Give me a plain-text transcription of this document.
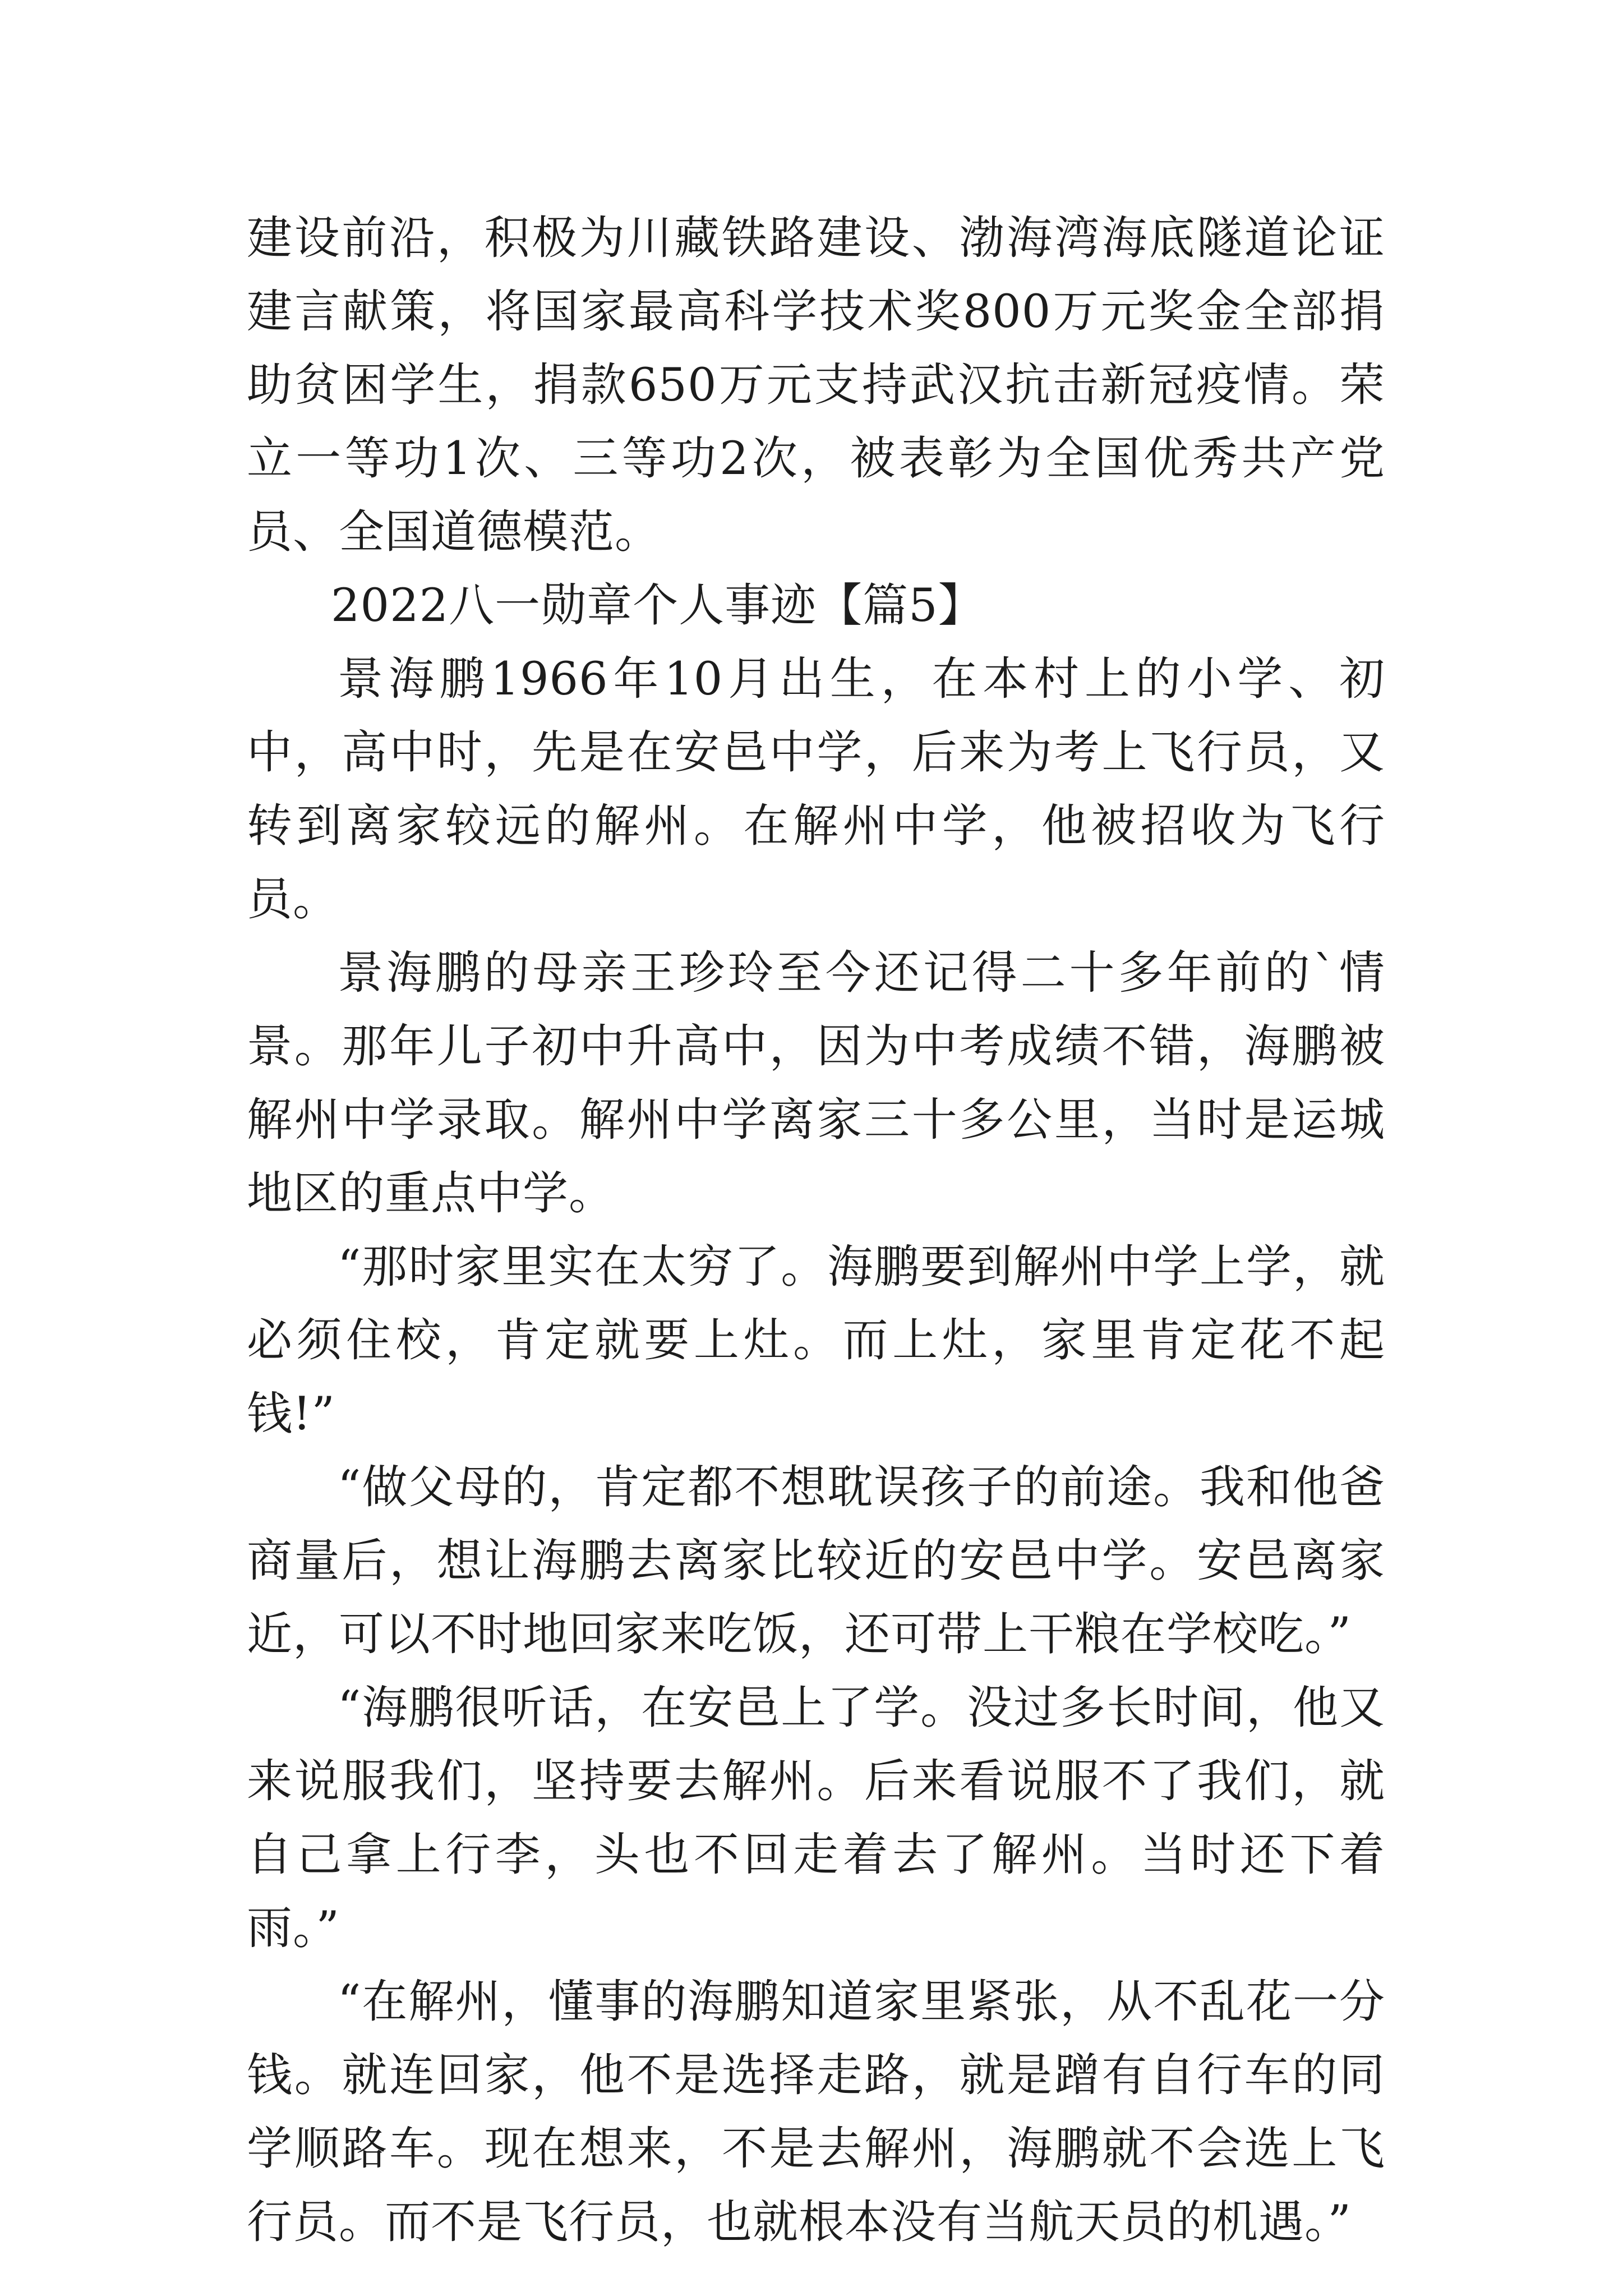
建设前沿，积极为川藏铁路建设、渤海湾海底隧道论证建言献策，将国家最高科学技术奖800万元奖金全部捐助贫困学生，捐款650万元支持武汉抗击新冠疫情。荣立一等功1次、三等功2次，被表彰为全国优秀共产党员、全国道德模范。

2022八一勋章个人事迹【篇5】

景海鹏1966年10月出生，在本村上的小学、初中，高中时，先是在安邑中学，后来为考上飞行员，又转到离家较远的解州。在解州中学，他被招收为飞行员。

景海鹏的母亲王珍玲至今还记得二十多年前的`情景。那年儿子初中升高中，因为中考成绩不错，海鹏被解州中学录取。解州中学离家三十多公里，当时是运城地区的重点中学。

“那时家里实在太穷了。海鹏要到解州中学上学，就必须住校，肯定就要上灶。而上灶，家里肯定花不起钱!”

“做父母的，肯定都不想耽误孩子的前途。我和他爸商量后，想让海鹏去离家比较近的安邑中学。安邑离家近，可以不时地回家来吃饭，还可带上干粮在学校吃。”

“海鹏很听话，在安邑上了学。没过多长时间，他又来说服我们，坚持要去解州。后来看说服不了我们，就自己拿上行李，头也不回走着去了解州。当时还下着雨。”

“在解州，懂事的海鹏知道家里紧张，从不乱花一分钱。就连回家，他不是选择走路，就是蹭有自行车的同学顺路车。现在想来，不是去解州，海鹏就不会选上飞行员。而不是飞行员，也就根本没有当航天员的机遇。”
